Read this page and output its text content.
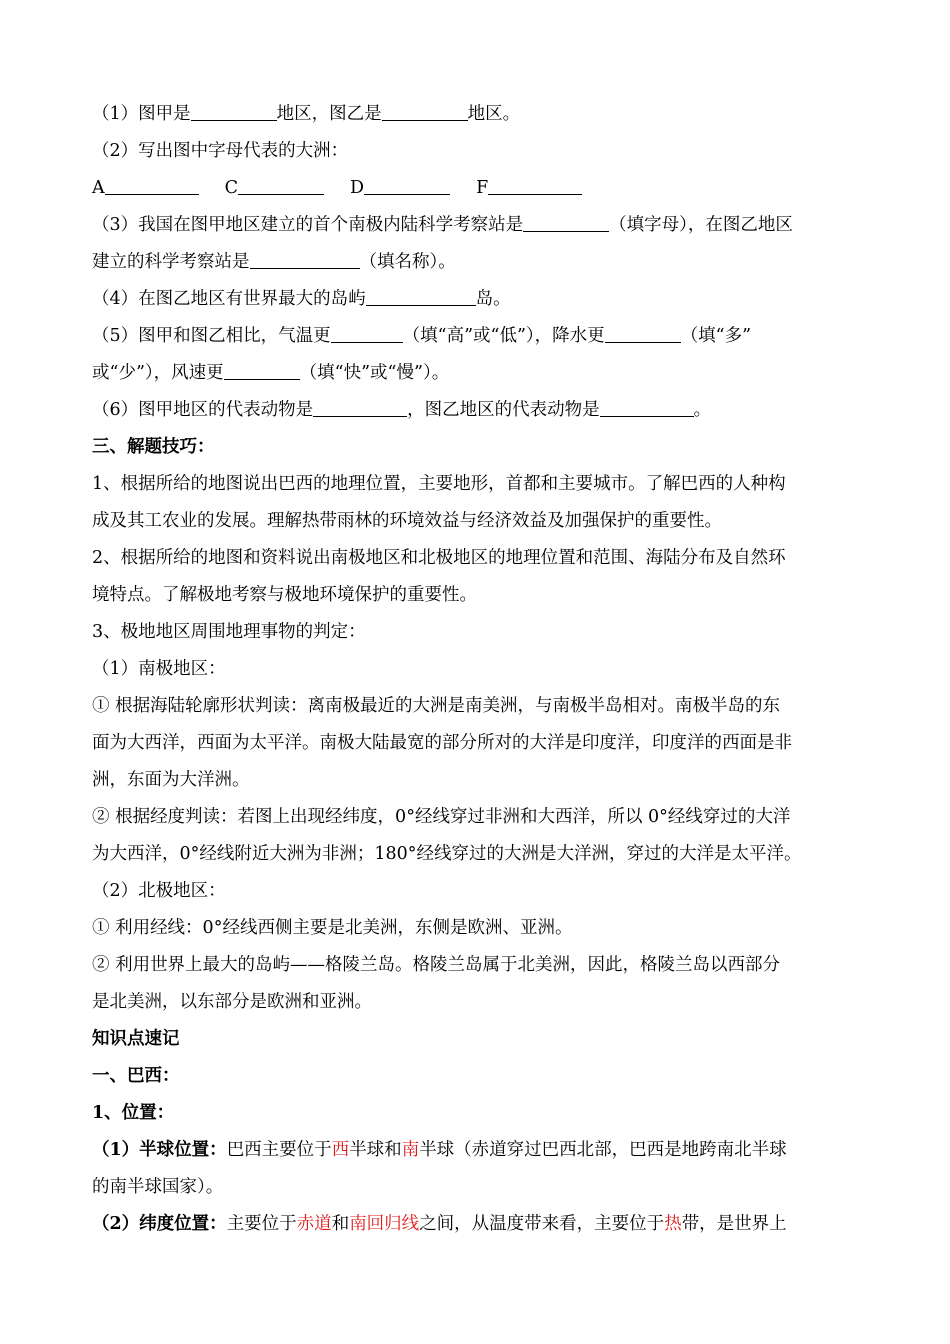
（1）图甲是	地区，图乙是	地区。
（2）写出图中字母代表的大洲：
A	C	D	F
（3）我国在图甲地区建立的首个南极内陆科学考察站是	（填字母），在图乙地区
建立的科学考察站是	（填名称）。
（4）在图乙地区有世界最大的岛屿	岛。
（5）图甲和图乙相比，气温更	（填“高”或“低”），降水更	（填“多”
或“少”），风速更	（填“快”或“慢”）。
（6）图甲地区的代表动物是	，图乙地区的代表动物是	。
三、解题技巧：
1、根据所给的地图说出巴西的地理位置，主要地形，首都和主要城市。了解巴西的人种构
成及其工农业的发展。理解热带雨林的环境效益与经济效益及加强保护的重要性。
2、根据所给的地图和资料说出南极地区和北极地区的地理位置和范围、海陆分布及自然环
境特点。了解极地考察与极地环境保护的重要性。
3、极地地区周围地理事物的判定：
（1）南极地区：
① 根据海陆轮廓形状判读：离南极最近的大洲是南美洲，与南极半岛相对。南极半岛的东
面为大西洋，西面为太平洋。南极大陆最宽的部分所对的大洋是印度洋，印度洋的西面是非
洲，东面为大洋洲。
② 根据经度判读：若图上出现经纬度，0°经线穿过非洲和大西洋，所以 0°经线穿过的大洋
为大西洋，0°经线附近大洲为非洲；180°经线穿过的大洲是大洋洲，穿过的大洋是太平洋。
（2）北极地区：
① 利用经线：0°经线西侧主要是北美洲，东侧是欧洲、亚洲。
② 利用世界上最大的岛屿——格陵兰岛。格陵兰岛属于北美洲，因此，格陵兰岛以西部分
是北美洲，以东部分是欧洲和亚洲。
知识点速记
一、巴西：
1、位置：
（1）半球位置：巴西主要位于西半球和南半球（赤道穿过巴西北部，巴西是地跨南北半球
的南半球国家）。
（2）纬度位置：主要位于赤道和南回归线之间，从温度带来看，主要位于热带，是世界上
